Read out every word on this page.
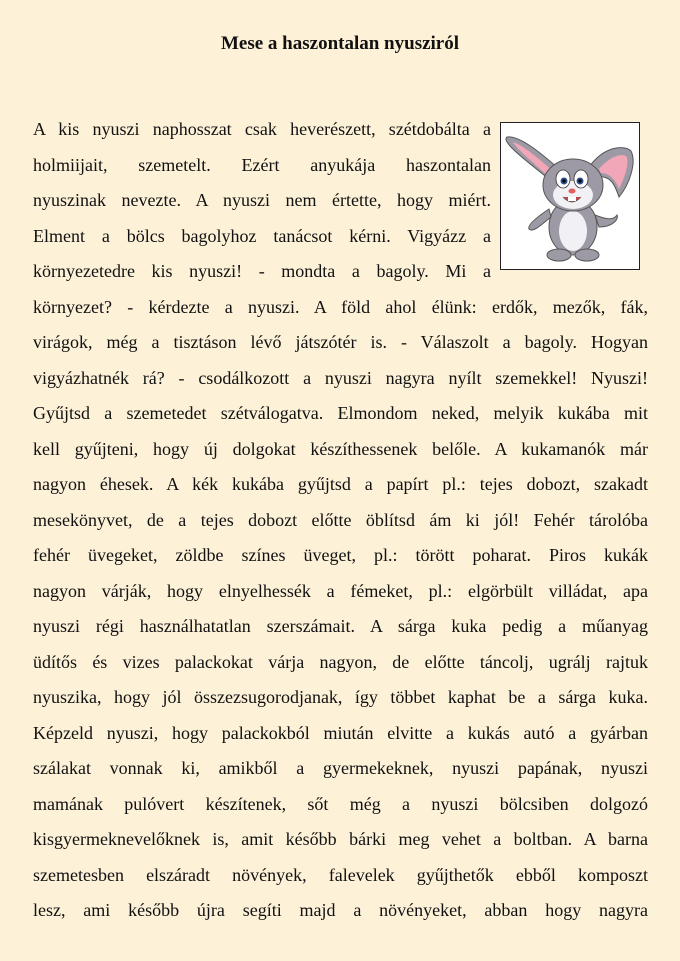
Mese a haszontalan nyusziról
A kis nyuszi naphosszat csak heverészett, szétdobálta a
holmiijait, szemetelt. Ezért anyukája haszontalan
nyuszinak nevezte. A nyuszi nem értette, hogy miért.
Elment a bölcs bagolyhoz tanácsot kérni. Vigyázz a
környezetedre kis nyuszi! - mondta a bagoly. Mi a
környezet? - kérdezte a nyuszi. A föld ahol élünk: erdők, mezők, fák,
virágok, még a tisztáson lévő játszótér is. - Válaszolt a bagoly. Hogyan
vigyázhatnék rá? - csodálkozott a nyuszi nagyra nyílt szemekkel! Nyuszi!
Gyűjtsd a szemetedet szétválogatva. Elmondom neked, melyik kukába mit
kell gyűjteni, hogy új dolgokat készíthessenek belőle. A kukamanók már
nagyon éhesek. A kék kukába gyűjtsd a papírt pl.: tejes dobozt, szakadt
mesekönyvet, de a tejes dobozt előtte öblítsd ám ki jól! Fehér tárolóba
fehér üvegeket, zöldbe színes üveget, pl.: törött poharat. Piros kukák
nagyon várják, hogy elnyelhessék a fémeket, pl.: elgörbült villádat, apa
nyuszi régi használhatatlan szerszámait. A sárga kuka pedig a műanyag
üdítős és vizes palackokat várja nagyon, de előtte táncolj, ugrálj rajtuk
nyuszika, hogy jól összezsugorodjanak, így többet kaphat be a sárga kuka.
Képzeld nyuszi, hogy palackokból miután elvitte a kukás autó a gyárban
szálakat vonnak ki, amikből a gyermekeknek, nyuszi papának, nyuszi
mamának pulóvert készítenek, sőt még a nyuszi bölcsiben dolgozó
kisgyermeknevelőknek is, amit később bárki meg vehet a boltban. A barna
szemetesben elszáradt növények, falevelek gyűjthetők ebből komposzt
lesz, ami később újra segíti majd a növényeket, abban hogy nagyra
